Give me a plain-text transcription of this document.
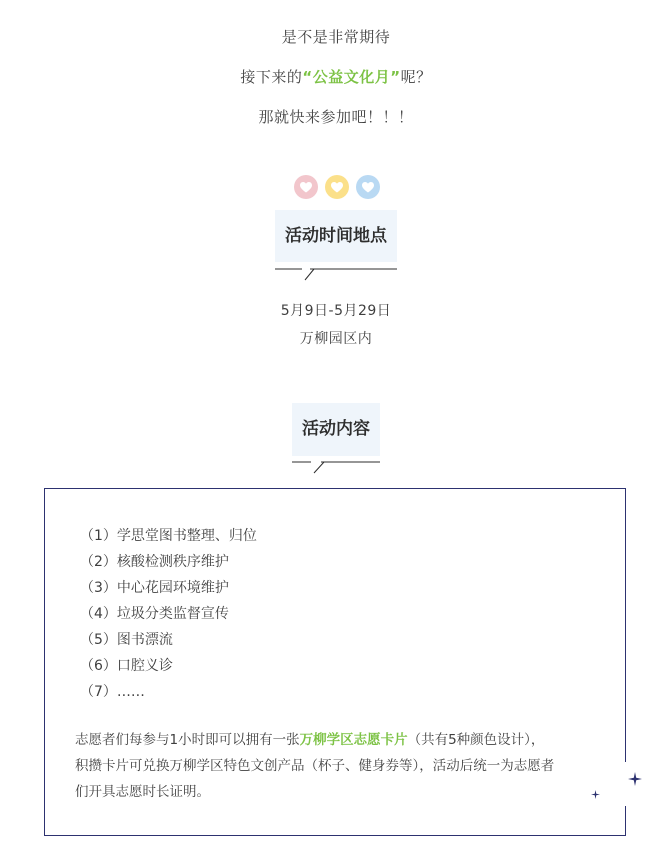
是不是非常期待
接下来的“公益文化月”呢？
那就快来参加吧！！！
活动时间地点
5月9日-5月29日
万柳园区内
活动内容
（1）学思堂图书整理、归位
（2）核酸检测秩序维护
（3）中心花园环境维护
（4）垃圾分类监督宣传
（5）图书漂流
（6）口腔义诊
（7）……
志愿者们每参与1小时即可以拥有一张万柳学区志愿卡片（共有5种颜色设计），积攒卡片可兑换万柳学区特色文创产品（杯子、健身券等），活动后统一为志愿者们开具志愿时长证明。
